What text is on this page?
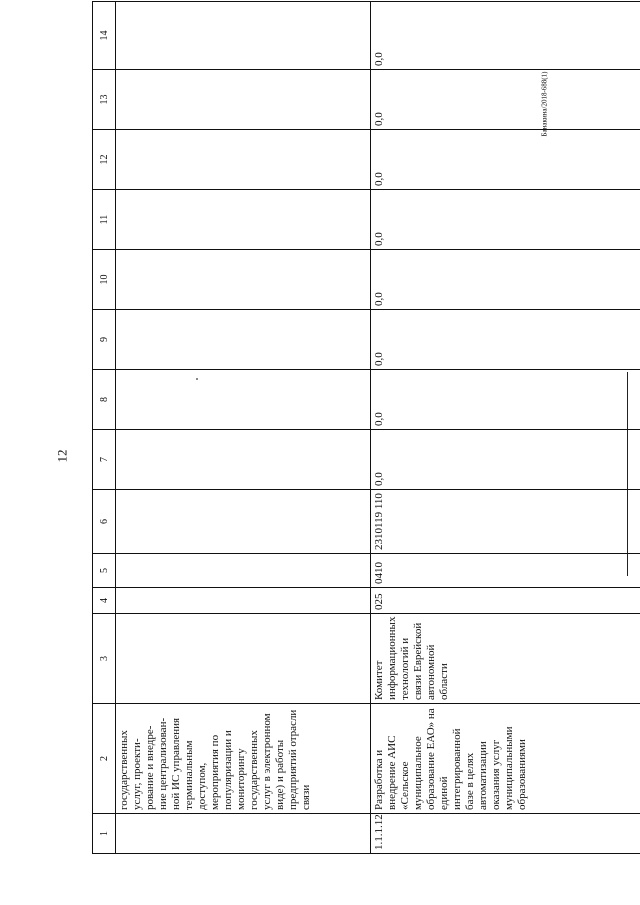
12
Банакина/2018-688(1)
1	2	3	4	5	6	7	8	9	10	11	12	13	14
	государственных услуг, проекти- рование и внедре- ние централизован- ной ИС управления терминальным доступом, мероприятия по популяризации и мониторингу государственных услуг в электронном виде) и работы предприятий отрасли связи												
1.1.1.12	Разработка и внедрение АИС «Сельское муниципальное образование ЕАО» на единой интегрированной базе в целях автоматизации оказания услуг муниципальными образованиями	Комитет информационных технологий и связи Еврейской автономной области	025	0410	2310119 110	0,0	0,0	0,0	0,0	0,0	0,0	0,0	0,0
